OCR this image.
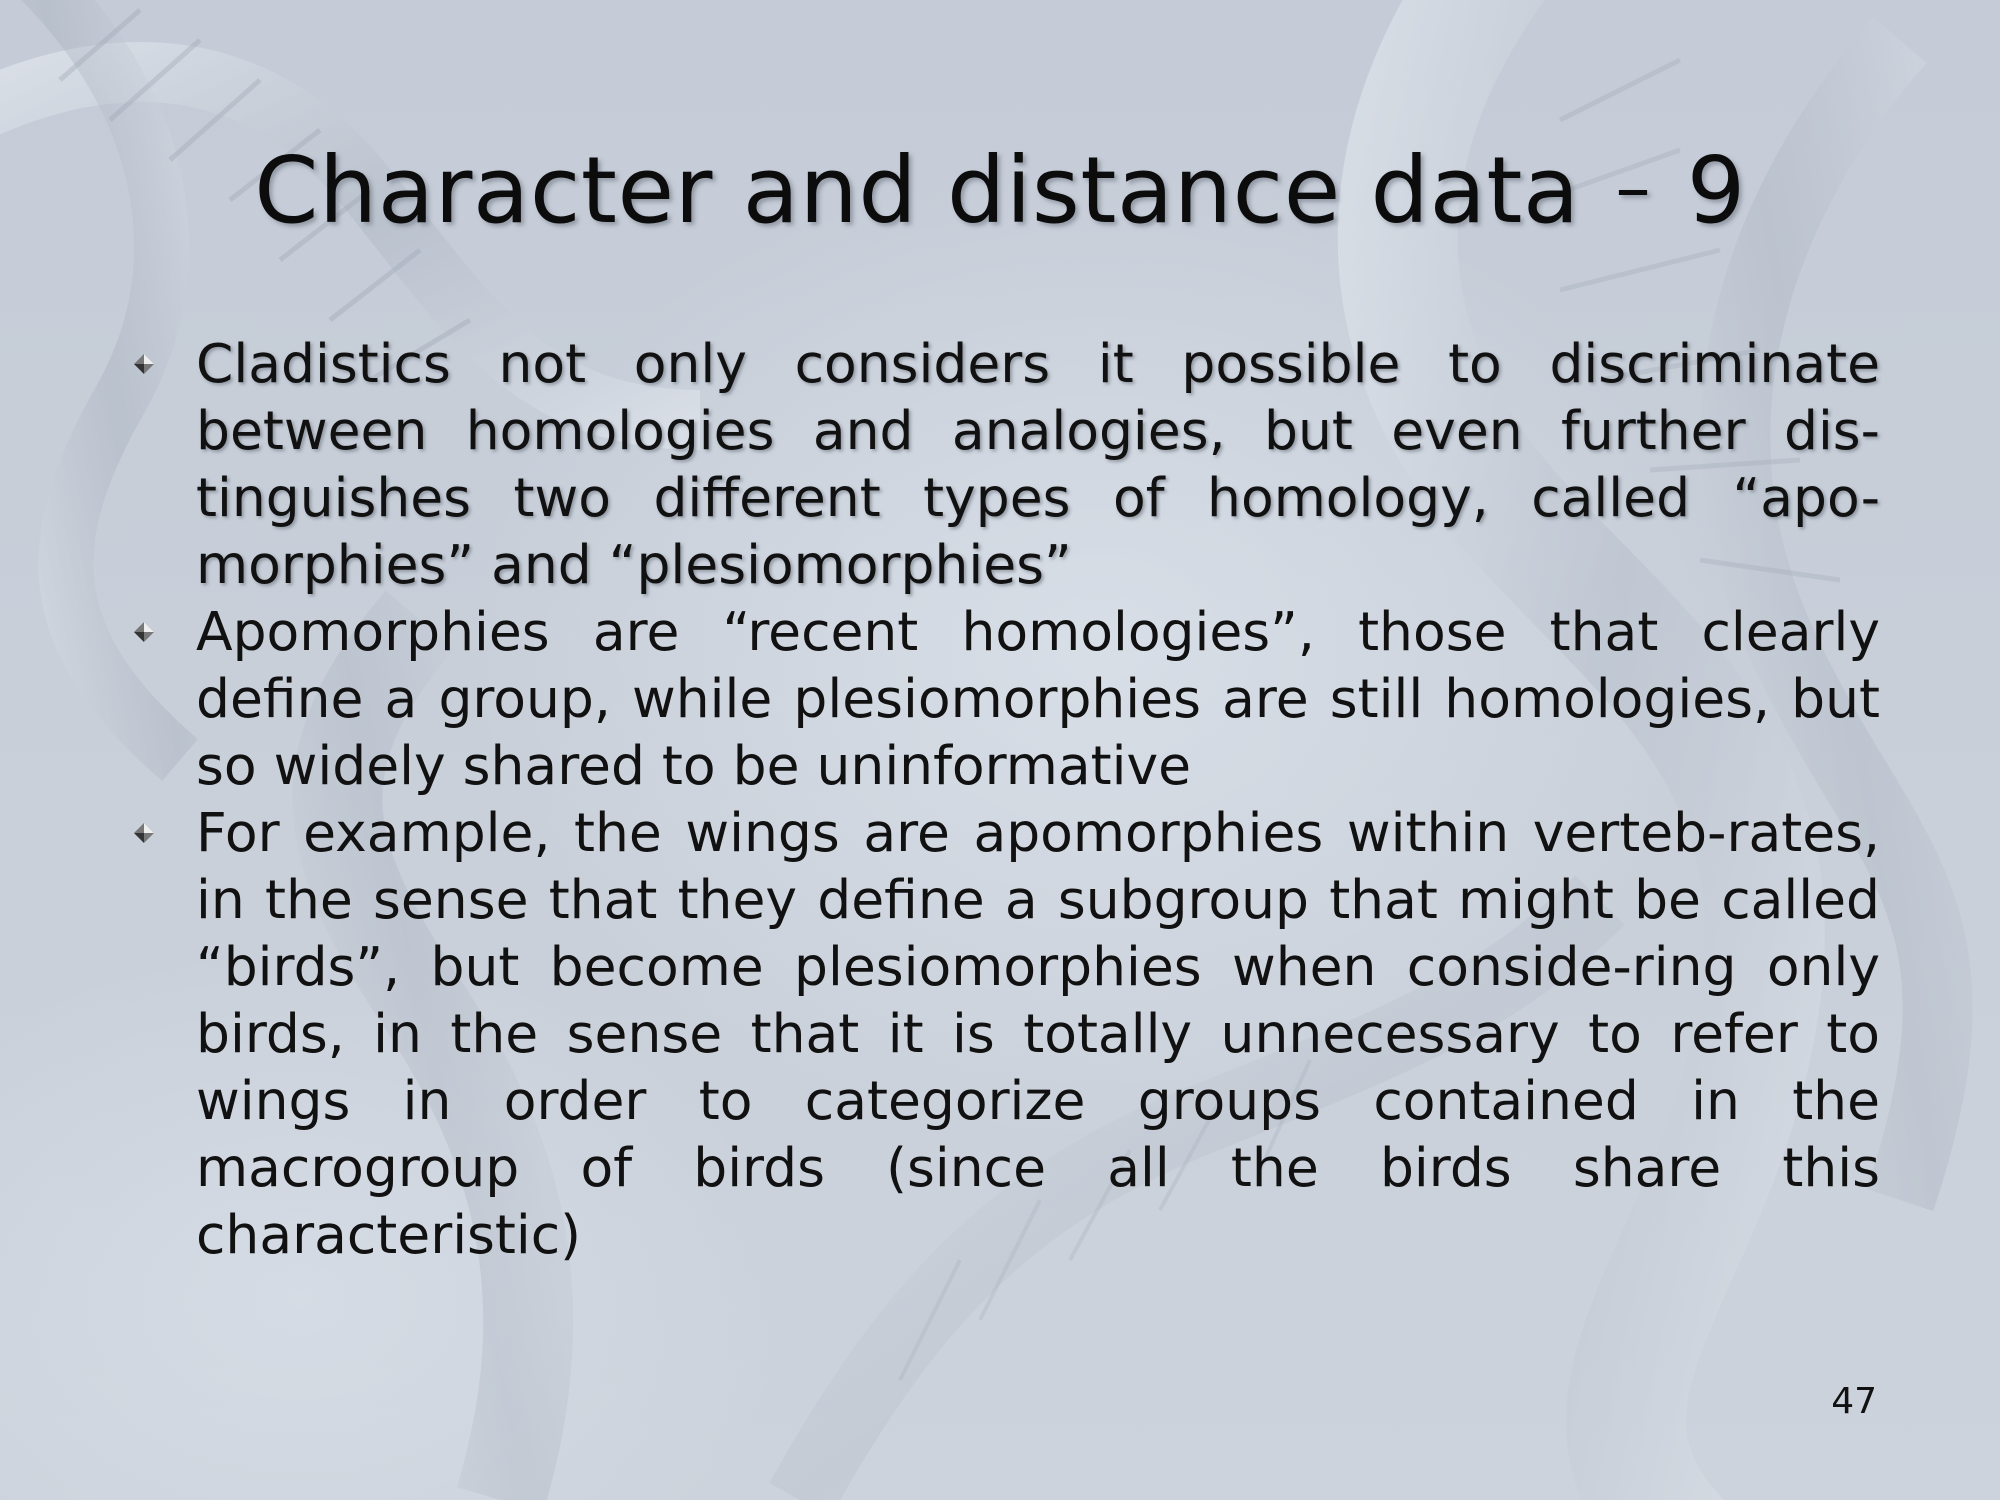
Character and distance data – 9
Cladistics not only considers it possible to discriminate between homologies and analogies, but even further dis-tinguishes two different types of homology, called “apo-morphies” and “plesiomorphies”
Apomorphies are “recent homologies”, those that clearly define a group, while plesiomorphies are still homologies, but so widely shared to be uninformative
For example, the wings are apomorphies within verteb-rates, in the sense that they define a subgroup that might be called “birds”, but become plesiomorphies when conside-ring only birds, in the sense that it is totally unnecessary to refer to wings in order to categorize groups contained in the macrogroup of birds (since all the birds share this characteristic)
47
